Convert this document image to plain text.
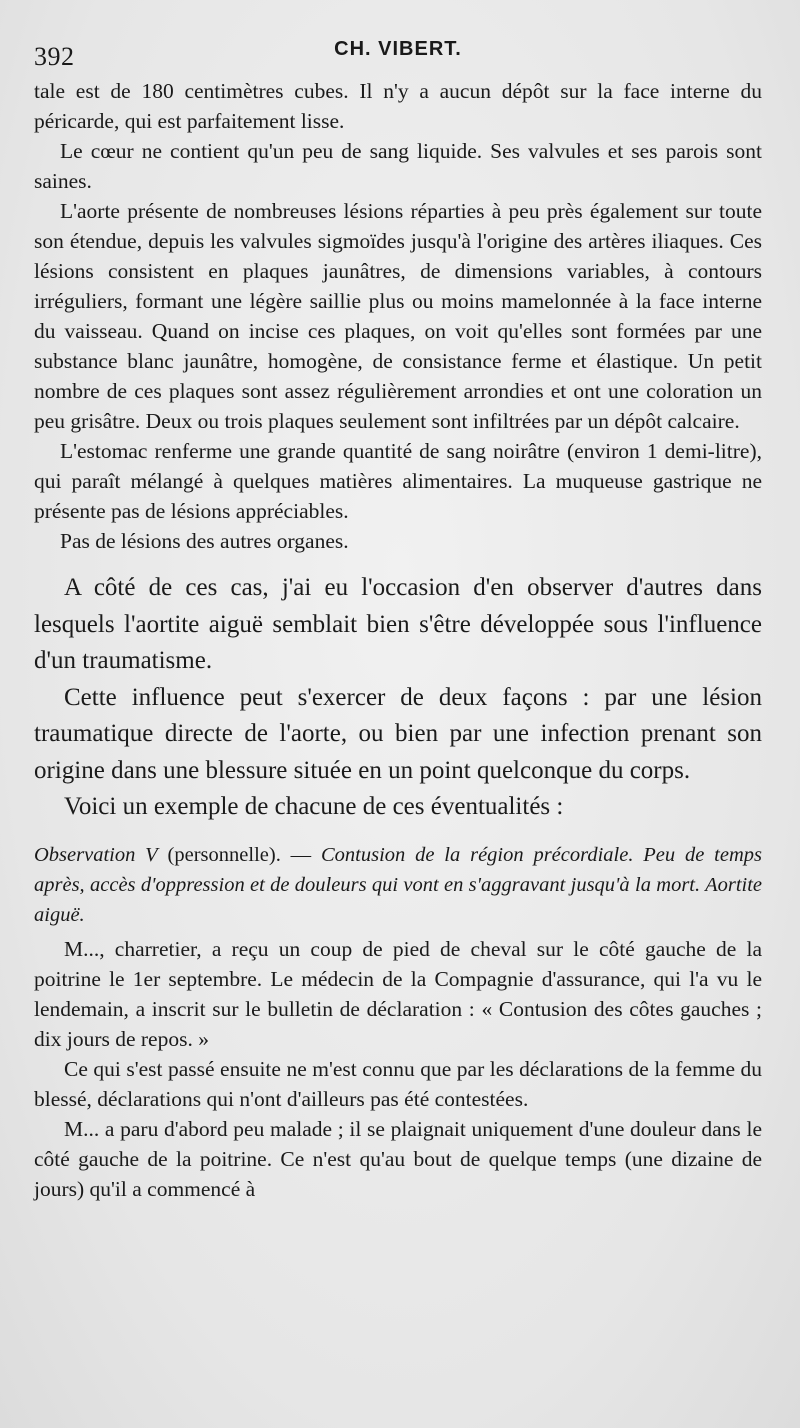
392	CH. VIBERT.

tale est de 180 centimètres cubes. Il n'y a aucun dépôt sur la face interne du péricarde, qui est parfaitement lisse.

Le cœur ne contient qu'un peu de sang liquide. Ses valvules et ses parois sont saines.

L'aorte présente de nombreuses lésions réparties à peu près également sur toute son étendue, depuis les valvules sigmoïdes jusqu'à l'origine des artères iliaques. Ces lésions consistent en plaques jaunâtres, de dimensions variables, à contours irréguliers, formant une légère saillie plus ou moins mamelonnée à la face interne du vaisseau. Quand on incise ces plaques, on voit qu'elles sont formées par une substance blanc jaunâtre, homogène, de consistance ferme et élastique. Un petit nombre de ces plaques sont assez régulièrement arrondies et ont une coloration un peu grisâtre. Deux ou trois plaques seulement sont infiltrées par un dépôt calcaire.

L'estomac renferme une grande quantité de sang noirâtre (environ 1 demi-litre), qui paraît mélangé à quelques matières alimentaires. La muqueuse gastrique ne présente pas de lésions appréciables.

Pas de lésions des autres organes.

A côté de ces cas, j'ai eu l'occasion d'en observer d'autres dans lesquels l'aortite aiguë semblait bien s'être développée sous l'influence d'un traumatisme.

Cette influence peut s'exercer de deux façons : par une lésion traumatique directe de l'aorte, ou bien par une infection prenant son origine dans une blessure située en un point quelconque du corps.

Voici un exemple de chacune de ces éventualités :

Observation V (personnelle). — Contusion de la région précordiale. Peu de temps après, accès d'oppression et de douleurs qui vont en s'aggravant jusqu'à la mort. Aortite aiguë.

M..., charretier, a reçu un coup de pied de cheval sur le côté gauche de la poitrine le 1er septembre. Le médecin de la Compagnie d'assurance, qui l'a vu le lendemain, a inscrit sur le bulletin de déclaration : « Contusion des côtes gauches ; dix jours de repos. »

Ce qui s'est passé ensuite ne m'est connu que par les déclarations de la femme du blessé, déclarations qui n'ont d'ailleurs pas été contestées.

M... a paru d'abord peu malade ; il se plaignait uniquement d'une douleur dans le côté gauche de la poitrine. Ce n'est qu'au bout de quelque temps (une dizaine de jours) qu'il a commencé à
